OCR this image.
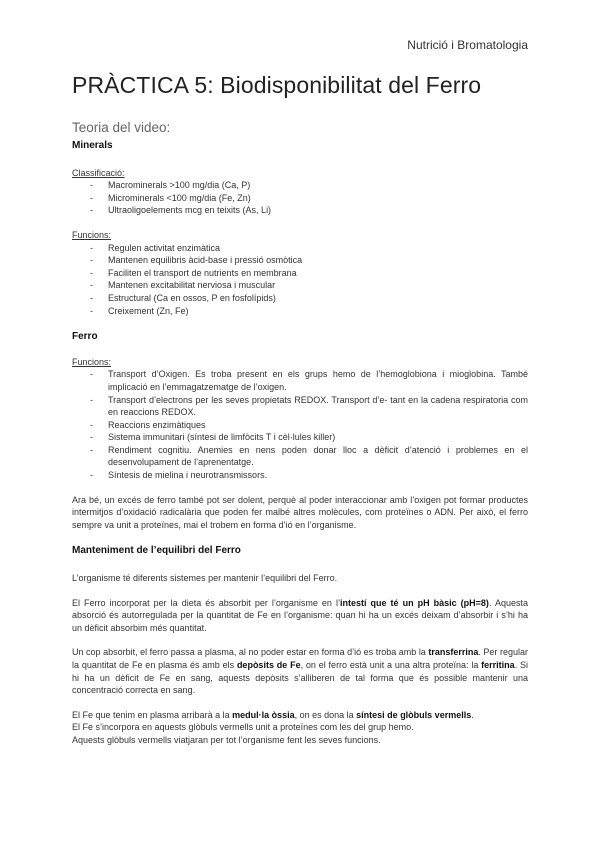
Nutrició i Bromatologia
PRÀCTICA 5: Biodisponibilitat del Ferro
Teoria del video:
Minerals
Classificació:
- Macrominerals >100 mg/dia (Ca, P)
- Microminerals <100 mg/dia (Fe, Zn)
- Ultraoligoelements mcg en teixits (As, Li)
Funcions:
- Regulen activitat enzimàtica
- Mantenen equilibris àcid-base i pressió osmòtica
- Faciliten el transport de nutrients en membrana
- Mantenen excitabilitat nerviosa i muscular
- Estructural (Ca en ossos, P en fosfolípids)
- Creixement (Zn, Fe)
Ferro
Funcions:
- Transport d’Oxigen. Es troba present en els grups hemo de l’hemoglobiona i mioglobina. També implicació en l’emmagatzematge de l’oxigen.
- Transport d’electrons per les seves propietats REDOX. Transport d’e- tant en la cadena respiratoria com en reaccions REDOX.
- Reaccions enzimàtiques
- Sistema immunitari (síntesi de limfòcits T i cèl·lules killer)
- Rendiment cognitiu. Anemies en nens poden donar lloc a dèficit d’atenció i problemes en el desenvolupament de l’aprenentatge.
- Síntesis de mielina i neurotransmissors.

Ara bé, un excés de ferro també pot ser dolent, perquè al poder interaccionar amb l’oxigen pot formar productes intermitjos d’oxidació radicalària que poden fer malbé altres molècules, com proteïnes o ADN. Per això, el ferro sempre va unit a proteïnes, mai el trobem en forma d’ió en l’organisme.

Manteniment de l’equilibri del Ferro

L’organisme té diferents sistemes per mantenir l’equilibri del Ferro.

El Ferro incorporat per la dieta és absorbit per l’organisme en l’intestí que té un pH bàsic (pH=8). Aquesta absorció és autorregulada per la quantitat de Fe en l’organisme: quan hi ha un excés deixam d’absorbir i s’hi ha un dèficit absorbim més quantitat.

Un cop absorbit, el ferro passa a plasma, al no poder estar en forma d’ió es troba amb la transferrina. Per regular la quantitat de Fe en plasma és amb els depòsits de Fe, on el ferro està unit a una altra proteïna: la ferritina. Si hi ha un dèficit de Fe en sang, aquests depòsits s’alliberen de tal forma que és possible mantenir una concentració correcta en sang.

El Fe que tenim en plasma arribarà a la medul·la òssia, on es dona la síntesi de glòbuls vermells.

El Fe s’incorpora en aquests glòbuls vermells unit a proteïnes com les del grup hemo.

Aquests glòbuls vermells viatjaran per tot l’organisme fent les seves funcions.
